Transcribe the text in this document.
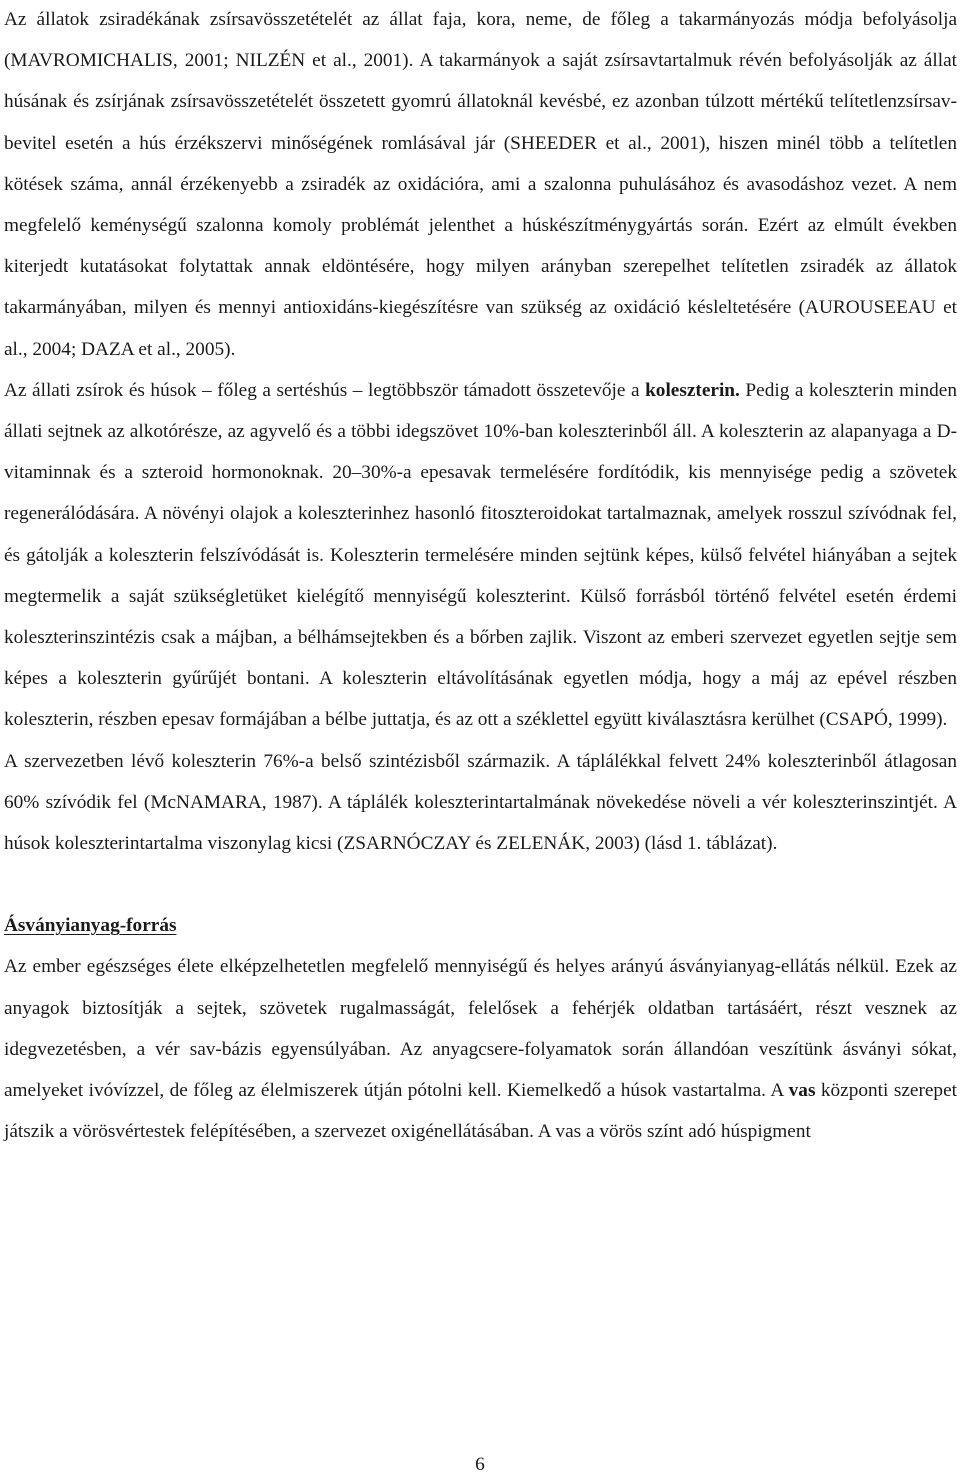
Az állatok zsiradékának zsírsavösszetételét az állat faja, kora, neme, de főleg a takarmányozás módja befolyásolja (MAVROMICHALIS, 2001; NILZÉN et al., 2001). A takarmányok a saját zsírsavtartalmuk révén befolyásolják az állat húsának és zsírjának zsírsavösszetételét összetett gyomrú állatoknál kevésbé, ez azonban túlzott mértékű telítetlenzsírsav-bevitel esetén a hús érzékszervi minőségének romlásával jár (SHEEDER et al., 2001), hiszen minél több a telítetlen kötések száma, annál érzékenyebb a zsiradék az oxidációra, ami a szalonna puhulásához és avasodáshoz vezet. A nem megfelelő keménységű szalonna komoly problémát jelenthet a húskészítménygyártás során. Ezért az elmúlt években kiterjedt kutatásokat folytattak annak eldöntésére, hogy milyen arányban szerepelhet telítetlen zsiradék az állatok takarmányában, milyen és mennyi antioxidáns-kiegészítésre van szükség az oxidáció késleltetésére (AUROUSEEAU et al., 2004; DAZA et al., 2005).

Az állati zsírok és húsok – főleg a sertéshús – legtöbbször támadott összetevője a koleszterin. Pedig a koleszterin minden állati sejtnek az alkotórésze, az agyvelő és a többi idegszövet 10%-ban koleszterinből áll. A koleszterin az alapanyaga a D-vitaminnak és a szteroid hormonoknak. 20–30%-a epesavak termelésére fordítódik, kis mennyisége pedig a szövetek regenerálódására. A növényi olajok a koleszterinhez hasonló fitoszteroidokat tartalmaznak, amelyek rosszul szívódnak fel, és gátolják a koleszterin felszívódását is. Koleszterin termelésére minden sejtünk képes, külső felvétel hiányában a sejtek megtermelik a saját szükségletüket kielégítő mennyiségű koleszterint. Külső forrásból történő felvétel esetén érdemi koleszterinszintézis csak a májban, a bélhámsejtekben és a bőrben zajlik. Viszont az emberi szervezet egyetlen sejtje sem képes a koleszterin gyűrűjét bontani. A koleszterin eltávolításának egyetlen módja, hogy a máj az epével részben koleszterin, részben epesav formájában a bélbe juttatja, és az ott a széklettel együtt kiválasztásra kerülhet (CSAPÓ, 1999).

A szervezetben lévő koleszterin 76%-a belső szintézisből származik. A táplálékkal felvett 24% koleszterinből átlagosan 60% szívódik fel (McNAMARA, 1987). A táplálék koleszterintartalmának növekedése növeli a vér koleszterinszintjét. A húsok koleszterintartalma viszonylag kicsi (ZSARNÓCZAY és ZELENÁK, 2003) (lásd 1. táblázat).

Ásványianyag-forrás

Az ember egészséges élete elképzelhetetlen megfelelő mennyiségű és helyes arányú ásványianyag-ellátás nélkül. Ezek az anyagok biztosítják a sejtek, szövetek rugalmasságát, felelősek a fehérjék oldatban tartásáért, részt vesznek az idegvezetésben, a vér sav-bázis egyensúlyában. Az anyagcsere-folyamatok során állandóan veszítünk ásványi sókat, amelyeket ivóvízzel, de főleg az élelmiszerek útján pótolni kell. Kiemelkedő a húsok vastartalma. A vas központi szerepet játszik a vörösvértestek felépítésében, a szervezet oxigénellátásában. A vas a vörös színt adó húspigment

6
